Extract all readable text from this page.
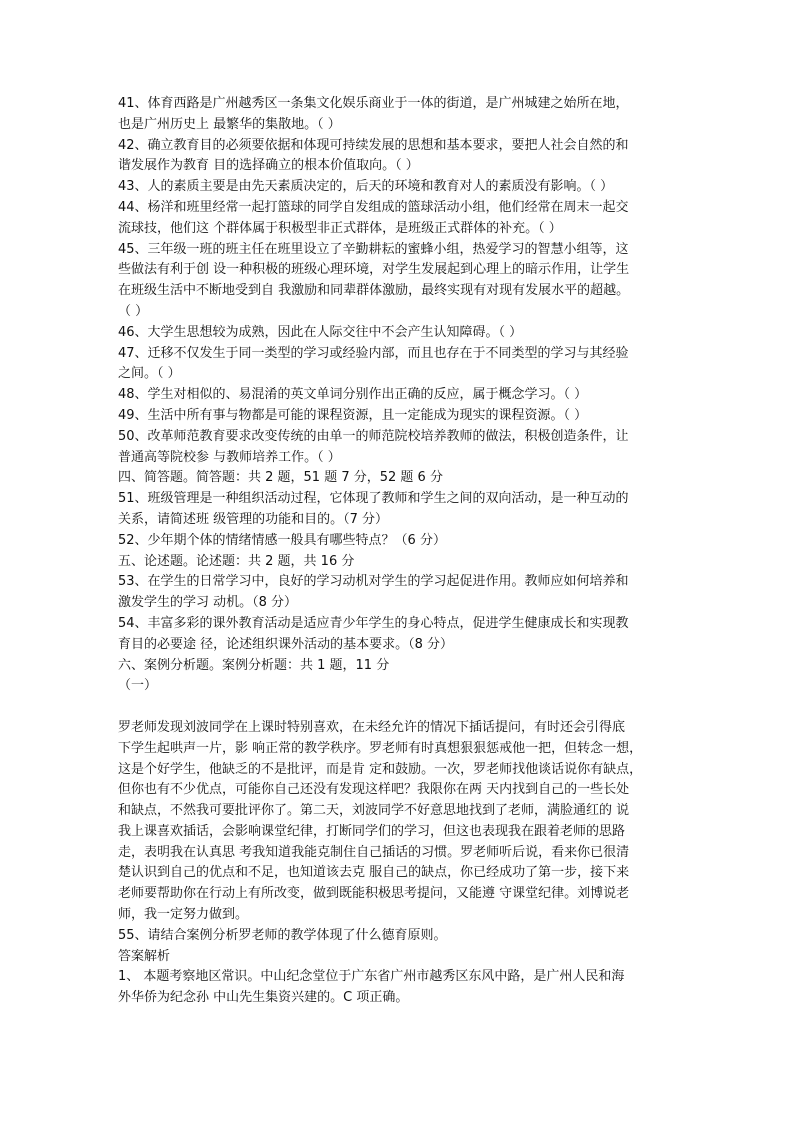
41、体育西路是广州越秀区一条集文化娱乐商业于一体的街道，是广州城建之始所在地，
也是广州历史上 最繁华的集散地。（ ）
42、确立教育目的必须要依据和体现可持续发展的思想和基本要求，要把人社会自然的和
谐发展作为教育 目的选择确立的根本价值取向。（ ）
43、人的素质主要是由先天素质决定的，后天的环境和教育对人的素质没有影响。（ ）
44、杨洋和班里经常一起打篮球的同学自发组成的篮球活动小组，他们经常在周末一起交
流球技，他们这 个群体属于积极型非正式群体，是班级正式群体的补充。（ ）
45、三年级一班的班主任在班里设立了辛勤耕耘的蜜蜂小组，热爱学习的智慧小组等，这
些做法有利于创 设一种积极的班级心理环境，对学生发展起到心理上的暗示作用，让学生
在班级生活中不断地受到自 我激励和同辈群体激励，最终实现有对现有发展水平的超越。
（ ）
46、大学生思想较为成熟，因此在人际交往中不会产生认知障碍。（ ）
47、迁移不仅发生于同一类型的学习或经验内部，而且也存在于不同类型的学习与其经验
之间。（ ）
48、学生对相似的、易混淆的英文单词分别作出正确的反应，属于概念学习。（ ）
49、生活中所有事与物都是可能的课程资源，且一定能成为现实的课程资源。（ ）
50、改革师范教育要求改变传统的由单一的师范院校培养教师的做法，积极创造条件，让
普通高等院校参 与教师培养工作。（ ）
四、简答题。简答题：共 2 题，51 题 7 分，52 题 6 分
51、班级管理是一种组织活动过程，它体现了教师和学生之间的双向活动，是一种互动的
关系，请简述班 级管理的功能和目的。（7 分）
52、少年期个体的情绪情感一般具有哪些特点？（6 分）
五、论述题。论述题：共 2 题，共 16 分
53、在学生的日常学习中，良好的学习动机对学生的学习起促进作用。教师应如何培养和
激发学生的学习 动机。（8 分）
54、丰富多彩的课外教育活动是适应青少年学生的身心特点，促进学生健康成长和实现教
育目的必要途 径，论述组织课外活动的基本要求。（8 分）
六、案例分析题。案例分析题：共 1 题，11 分
（一）
罗老师发现刘波同学在上课时特别喜欢，在未经允许的情况下插话提问，有时还会引得底
下学生起哄声一片，影 响正常的教学秩序。罗老师有时真想狠狠惩戒他一把，但转念一想，
这是个好学生，他缺乏的不是批评，而是肯 定和鼓励。一次，罗老师找他谈话说你有缺点，
但你也有不少优点，可能你自己还没有发现这样吧？我限你在两 天内找到自己的一些长处
和缺点，不然我可要批评你了。第二天，刘波同学不好意思地找到了老师，满脸通红的 说
我上课喜欢插话，会影响课堂纪律，打断同学们的学习，但这也表现我在跟着老师的思路
走，表明我在认真思 考我知道我能克制住自己插话的习惯。罗老师听后说，看来你已很清
楚认识到自己的优点和不足，也知道该去克 服自己的缺点，你已经成功了第一步，接下来
老师要帮助你在行动上有所改变，做到既能积极思考提问，又能遵 守课堂纪律。刘博说老
师，我一定努力做到。
55、请结合案例分析罗老师的教学体现了什么德育原则。
答案解析
1、 本题考察地区常识。中山纪念堂位于广东省广州市越秀区东风中路，是广州人民和海
外华侨为纪念孙 中山先生集资兴建的。C 项正确。
